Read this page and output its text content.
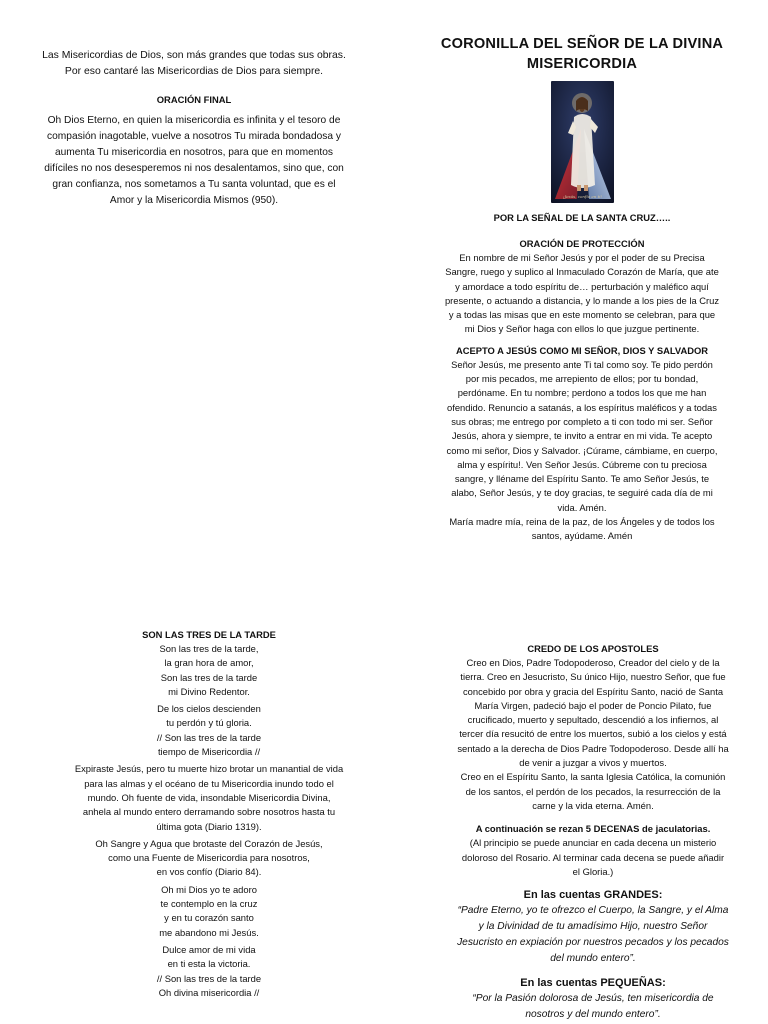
Las Misericordias de Dios, son más grandes que todas sus obras.
Por eso cantaré las Misericordias de Dios para siempre.
ORACIÓN FINAL
Oh Dios Eterno, en quien la misericordia es infinita y el tesoro de
compasión inagotable, vuelve a nosotros Tu mirada bondadosa y
aumenta Tu misericordia en nosotros, para que en momentos
difíciles no nos desesperemos ni nos desalentamos, sino que, con
gran confianza, nos sometamos a Tu santa voluntad, que es el
Amor y la Misericordia Mismos (950).
CORONILLA DEL SEÑOR DE LA DIVINA
MISERICORDIA
¡Jesús, confío en ti!
POR LA SEÑAL DE LA SANTA CRUZ…..
ORACIÓN DE PROTECCIÓN
En nombre de mi Señor Jesús y por el poder de su Precisa
Sangre, ruego y suplico al Inmaculado Corazón de María, que ate
y amordace a todo espíritu de… perturbación y maléfico aquí
presente, o actuando a distancia, y lo mande a los pies de la Cruz
y a todas las misas que en este momento se celebran, para que
mi Dios y Señor haga con ellos lo que juzgue pertinente.
ACEPTO A JESÚS COMO MI SEÑOR, DIOS Y SALVADOR
Señor Jesús, me presento ante Ti tal como soy. Te pido perdón
por mis pecados, me arrepiento de ellos; por tu bondad,
perdóname. En tu nombre; perdono a todos los que me han
ofendido. Renuncio a satanás, a los espíritus maléficos y a todas
sus obras; me entrego por completo a ti con todo mi ser. Señor
Jesús, ahora y siempre, te invito a entrar en mi vida. Te acepto
como mi señor, Dios y Salvador. ¡Cúrame, cámbiame, en cuerpo,
alma y espíritu!. Ven Señor Jesús. Cúbreme con tu preciosa
sangre, y lléname del Espíritu Santo. Te amo Señor Jesús, te
alabo, Señor Jesús, y te doy gracias, te seguiré cada día de mi
vida. Amén.
María madre mía, reina de la paz, de los Ángeles y de todos los
santos, ayúdame. Amén
SON LAS TRES DE LA TARDE
Son las tres de la tarde,
la gran hora de amor,
Son las tres de la tarde
mi Divino Redentor.
De los cielos descienden
tu perdón y tú gloria.
// Son las tres de la tarde
tiempo de Misericordia //
Expiraste Jesús, pero tu muerte hizo brotar un manantial de vida
para las almas y el océano de tu Misericordia inundo todo el
mundo. Oh fuente de vida, insondable Misericordia Divina,
anhela al mundo entero derramando sobre nosotros hasta tu
última gota (Diario 1319).
Oh Sangre y Agua que brotaste del Corazón de Jesús,
como una Fuente de Misericordia para nosotros,
en vos confío (Diario 84).
Oh mi Dios yo te adoro
te contemplo en la cruz
y en tu corazón santo
me abandono mi Jesús.
Dulce amor de mi vida
en ti esta la victoria.
// Son las tres de la tarde
Oh divina misericordia //
CREDO DE LOS APOSTOLES
Creo en Dios, Padre Todopoderoso, Creador del cielo y de la
tierra. Creo en Jesucristo, Su único Hijo, nuestro Señor, que fue
concebido por obra y gracia del Espíritu Santo, nació de Santa
María Virgen, padeció bajo el poder de Poncio Pilato, fue
crucificado, muerto y sepultado, descendió a los infiernos, al
tercer día resucitó de entre los muertos, subió a los cielos y está
sentado a la derecha de Dios Padre Todopoderoso. Desde allí ha
de venir a juzgar a vivos y muertos.
Creo en el Espíritu Santo, la santa Iglesia Católica, la comunión
de los santos, el perdón de los pecados, la resurrección de la
carne y la vida eterna. Amén.
A continuación se rezan 5 DECENAS de jaculatorias.
(Al principio se puede anunciar en cada decena un misterio
doloroso del Rosario. Al terminar cada decena se puede añadir
el Gloria.)
En las cuentas GRANDES:
“Padre Eterno, yo te ofrezco el Cuerpo, la Sangre, y el Alma
y la Divinidad de tu amadísimo Hijo, nuestro Señor
Jesucristo en expiación por nuestros pecados y los pecados
del mundo entero”.
En las cuentas PEQUEÑAS:
“Por la Pasión dolorosa de Jesús, ten misericordia de
nosotros y del mundo entero”.
